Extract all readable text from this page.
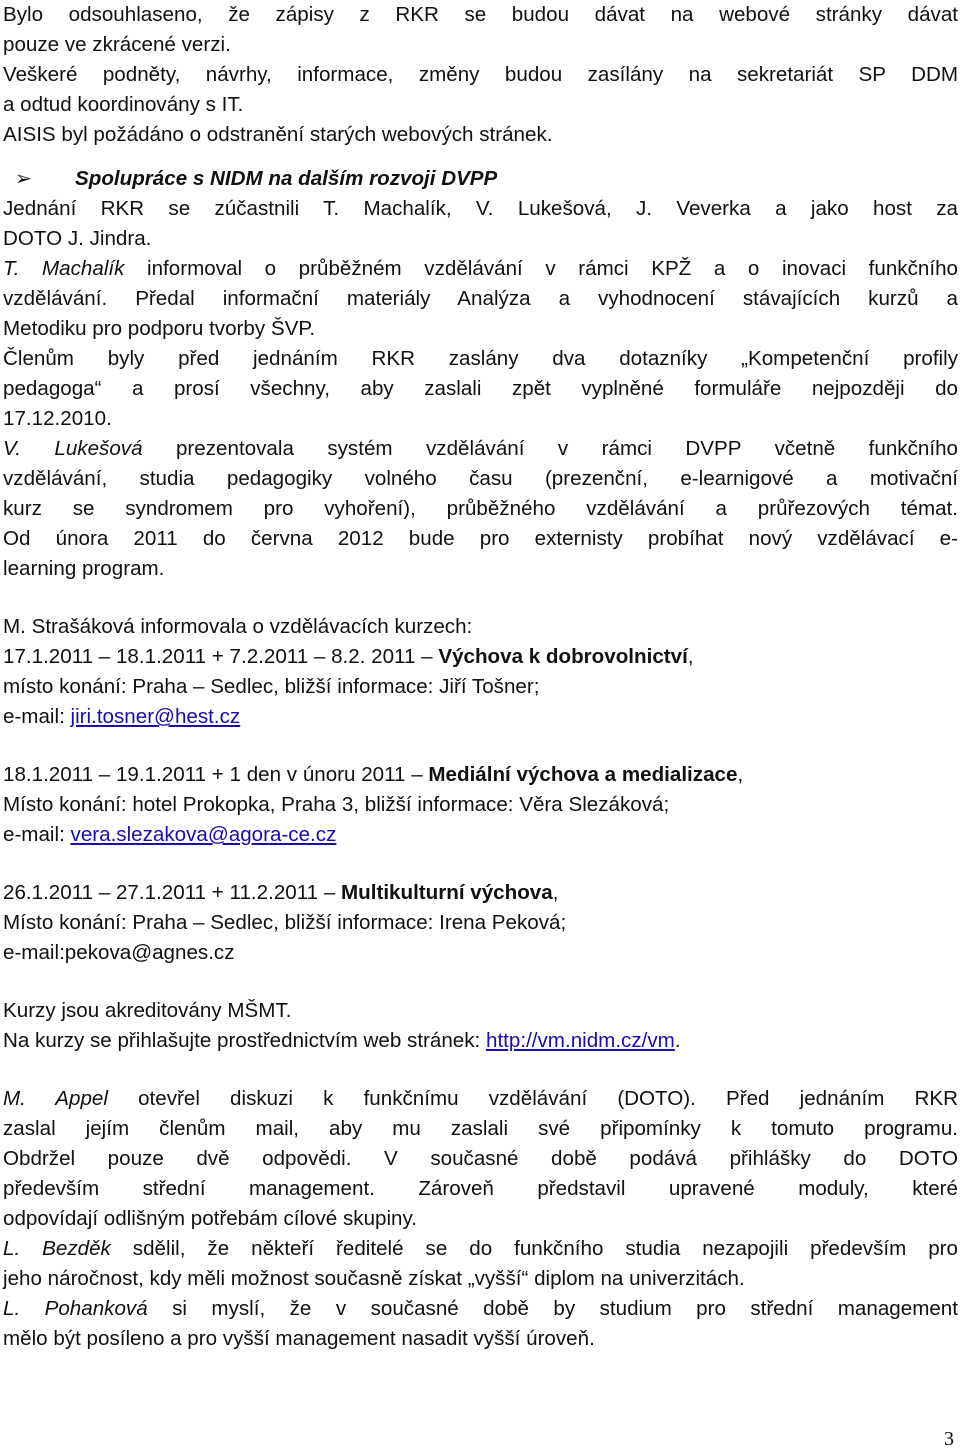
Bylo odsouhlaseno, že zápisy z RKR se budou dávat na webové stránky dávat
pouze ve zkrácené verzi.
Veškeré podněty, návrhy, informace, změny budou zasílány na sekretariát SP DDM
a odtud koordinovány s IT.
AISIS byl požádáno o odstranění starých webových stránek.
➢ Spolupráce s NIDM na dalším rozvoji DVPP
Jednání RKR se zúčastnili T. Machalík, V. Lukešová, J. Veverka a jako host za
DOTO J. Jindra.
T. Machalík informoval o průběžném vzdělávání v rámci KPŽ a o inovaci funkčního
vzdělávání. Předal informační materiály Analýza a vyhodnocení stávajících kurzů a
Metodiku pro podporu tvorby ŠVP.
Členům byly před jednáním RKR zaslány dva dotazníky „Kompetenční profily
pedagoga“ a prosí všechny, aby zaslali zpět vyplněné formuláře nejpozději do
17.12.2010.
V. Lukešová prezentovala systém vzdělávání v rámci DVPP včetně funkčního
vzdělávání, studia pedagogiky volného času (prezenční, e-learnigové a motivační
kurz se syndromem pro vyhoření), průběžného vzdělávání a průřezových témat.
Od února 2011 do června 2012 bude pro externisty probíhat nový vzdělávací e-
learning program.
M. Strašáková informovala o vzdělávacích kurzech:
17.1.2011 – 18.1.2011 + 7.2.2011 – 8.2. 2011 – Výchova k dobrovolnictví,
místo konání: Praha – Sedlec, bližší informace: Jiří Tošner;
e-mail: jiri.tosner@hest.cz
18.1.2011 – 19.1.2011 + 1 den v únoru 2011 – Mediální výchova a medializace,
Místo konání: hotel Prokopka, Praha 3, bližší informace: Věra Slezáková;
e-mail: vera.slezakova@agora-ce.cz
26.1.2011 – 27.1.2011 + 11.2.2011 – Multikulturní výchova,
Místo konání: Praha – Sedlec, bližší informace: Irena Peková;
e-mail:pekova@agnes.cz
Kurzy jsou akreditovány MŠMT.
Na kurzy se přihlašujte prostřednictvím web stránek: http://vm.nidm.cz/vm.
M. Appel otevřel diskuzi k funkčnímu vzdělávání (DOTO). Před jednáním RKR
zaslal jejím členům mail, aby mu zaslali své připomínky k tomuto programu.
Obdržel pouze dvě odpovědi. V současné době podává přihlášky do DOTO
především střední management. Zároveň představil upravené moduly, které
odpovídají odlišným potřebám cílové skupiny.
L. Bezděk sdělil, že někteří ředitelé se do funkčního studia nezapojili především pro
jeho náročnost, kdy měli možnost současně získat „vyšší“ diplom na univerzitách.
L. Pohanková si myslí, že v současné době by studium pro střední management
mělo být posíleno a pro vyšší management nasadit vyšší úroveň.
3
